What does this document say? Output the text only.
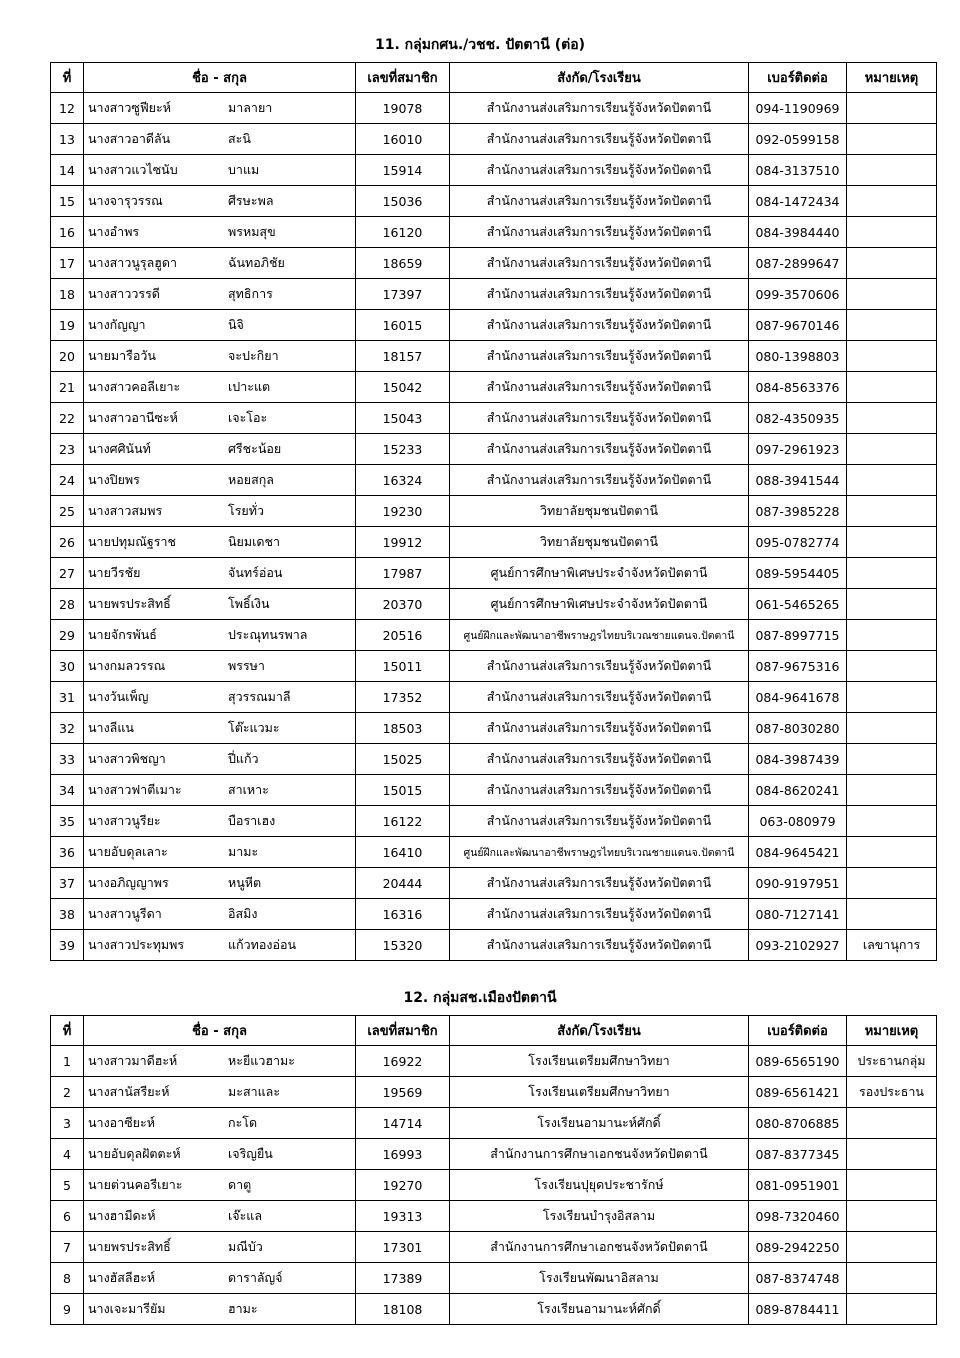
11. กลุ่มกศน./วชช. ปัตตานี (ต่อ)
ที่	ชื่อ - สกุล	เลขที่สมาชิก	สังกัด/โรงเรียน	เบอร์ติดต่อ	หมายเหตุ
12	นางสาวซูฟียะห์ มาลายา	19078	สำนักงานส่งเสริมการเรียนรู้จังหวัดปัตตานี	094-1190969	
13	นางสาวอาดีลัน สะนิ	16010	สำนักงานส่งเสริมการเรียนรู้จังหวัดปัตตานี	092-0599158	
14	นางสาวแวไซนับ บาแม	15914	สำนักงานส่งเสริมการเรียนรู้จังหวัดปัตตานี	084-3137510	
15	นางจารุวรรณ ศีรษะพล	15036	สำนักงานส่งเสริมการเรียนรู้จังหวัดปัตตานี	084-1472434	
16	นางอำพร พรหมสุข	16120	สำนักงานส่งเสริมการเรียนรู้จังหวัดปัตตานี	084-3984440	
17	นางสาวนูรุลฮูดา ฉันทอภิชัย	18659	สำนักงานส่งเสริมการเรียนรู้จังหวัดปัตตานี	087-2899647	
18	นางสาววรรดี สุทธิการ	17397	สำนักงานส่งเสริมการเรียนรู้จังหวัดปัตตานี	099-3570606	
19	นางกัญญา นิจิ	16015	สำนักงานส่งเสริมการเรียนรู้จังหวัดปัตตานี	087-9670146	
20	นายมารือวัน จะปะกิยา	18157	สำนักงานส่งเสริมการเรียนรู้จังหวัดปัตตานี	080-1398803	
21	นางสาวคอลีเยาะ เปาะแต	15042	สำนักงานส่งเสริมการเรียนรู้จังหวัดปัตตานี	084-8563376	
22	นางสาวอานีซะห์ เจะโอะ	15043	สำนักงานส่งเสริมการเรียนรู้จังหวัดปัตตานี	082-4350935	
23	นางศศินันท์ ศรีชะน้อย	15233	สำนักงานส่งเสริมการเรียนรู้จังหวัดปัตตานี	097-2961923	
24	นางปิยพร หอยสกุล	16324	สำนักงานส่งเสริมการเรียนรู้จังหวัดปัตตานี	088-3941544	
25	นางสาวสมพร โรยทั่ว	19230	วิทยาลัยชุมชนปัตตานี	087-3985228	
26	นายปทุมณัฐราช นิยมเดชา	19912	วิทยาลัยชุมชนปัตตานี	095-0782774	
27	นายวีรชัย จันทร์อ่อน	17987	ศูนย์การศึกษาพิเศษประจำจังหวัดปัตตานี	089-5954405	
28	นายพรประสิทธิ์ โพธิ์เงิน	20370	ศูนย์การศึกษาพิเศษประจำจังหวัดปัตตานี	061-5465265	
29	นายจักรพันธ์ ประณุทนรพาล	20516	ศูนย์ฝึกและพัฒนาอาชีพราษฎรไทยบริเวณชายแดนจ.ปัตตานี	087-8997715	
30	นางกมลวรรณ พรรษา	15011	สำนักงานส่งเสริมการเรียนรู้จังหวัดปัตตานี	087-9675316	
31	นางวันเพ็ญ สุวรรณมาลี	17352	สำนักงานส่งเสริมการเรียนรู้จังหวัดปัตตานี	084-9641678	
32	นางลีแน โต๊ะแวมะ	18503	สำนักงานส่งเสริมการเรียนรู้จังหวัดปัตตานี	087-8030280	
33	นางสาวพิชญา ปี่แก้ว	15025	สำนักงานส่งเสริมการเรียนรู้จังหวัดปัตตานี	084-3987439	
34	นางสาวฟาตีเมาะ สาเหาะ	15015	สำนักงานส่งเสริมการเรียนรู้จังหวัดปัตตานี	084-8620241	
35	นางสาวนูรียะ บือราเฮง	16122	สำนักงานส่งเสริมการเรียนรู้จังหวัดปัตตานี	063-080979	
36	นายอับดุลเลาะ มามะ	16410	ศูนย์ฝึกและพัฒนาอาชีพราษฎรไทยบริเวณชายแดนจ.ปัตตานี	084-9645421	
37	นางอภิญญาพร หนูหีต	20444	สำนักงานส่งเสริมการเรียนรู้จังหวัดปัตตานี	090-9197951	
38	นางสาวนูรีดา อิสมิง	16316	สำนักงานส่งเสริมการเรียนรู้จังหวัดปัตตานี	080-7127141	
39	นางสาวประทุมพร แก้วทองอ่อน	15320	สำนักงานส่งเสริมการเรียนรู้จังหวัดปัตตานี	093-2102927	เลขานุการ
12. กลุ่มสช.เมืองปัตตานี
ที่	ชื่อ - สกุล	เลขที่สมาชิก	สังกัด/โรงเรียน	เบอร์ติดต่อ	หมายเหตุ
1	นางสาวมาดีฮะห์ หะยีแวฮามะ	16922	โรงเรียนเตรียมศึกษาวิทยา	089-6565190	ประธานกลุ่ม
2	นางสานัสรียะห์ มะสาและ	19569	โรงเรียนเตรียมศึกษาวิทยา	089-6561421	รองประธาน
3	นางอาซียะห์ กะโด	14714	โรงเรียนอามานะห์ศักดิ์	080-8706885	
4	นายอับดุลฝัตตะห์ เจริญยืน	16993	สำนักงานการศึกษาเอกชนจังหวัดปัตตานี	087-8377345	
5	นายต่วนคอรีเยาะ ดาตู	19270	โรงเรียนปุยุดประชารักษ์	081-0951901	
6	นางฮามีดะห์ เจ๊ะแล	19313	โรงเรียนบำรุงอิสลาม	098-7320460	
7	นายพรประสิทธิ์ มณีบัว	17301	สำนักงานการศึกษาเอกชนจังหวัดปัตตานี	089-2942250	
8	นางฮัสลีฮะห์ ดาราลัญจ์	17389	โรงเรียนพัฒนาอิสลาม	087-8374748	
9	นางเจะมารียัม ฮามะ	18108	โรงเรียนอามานะห์ศักดิ์	089-8784411	
